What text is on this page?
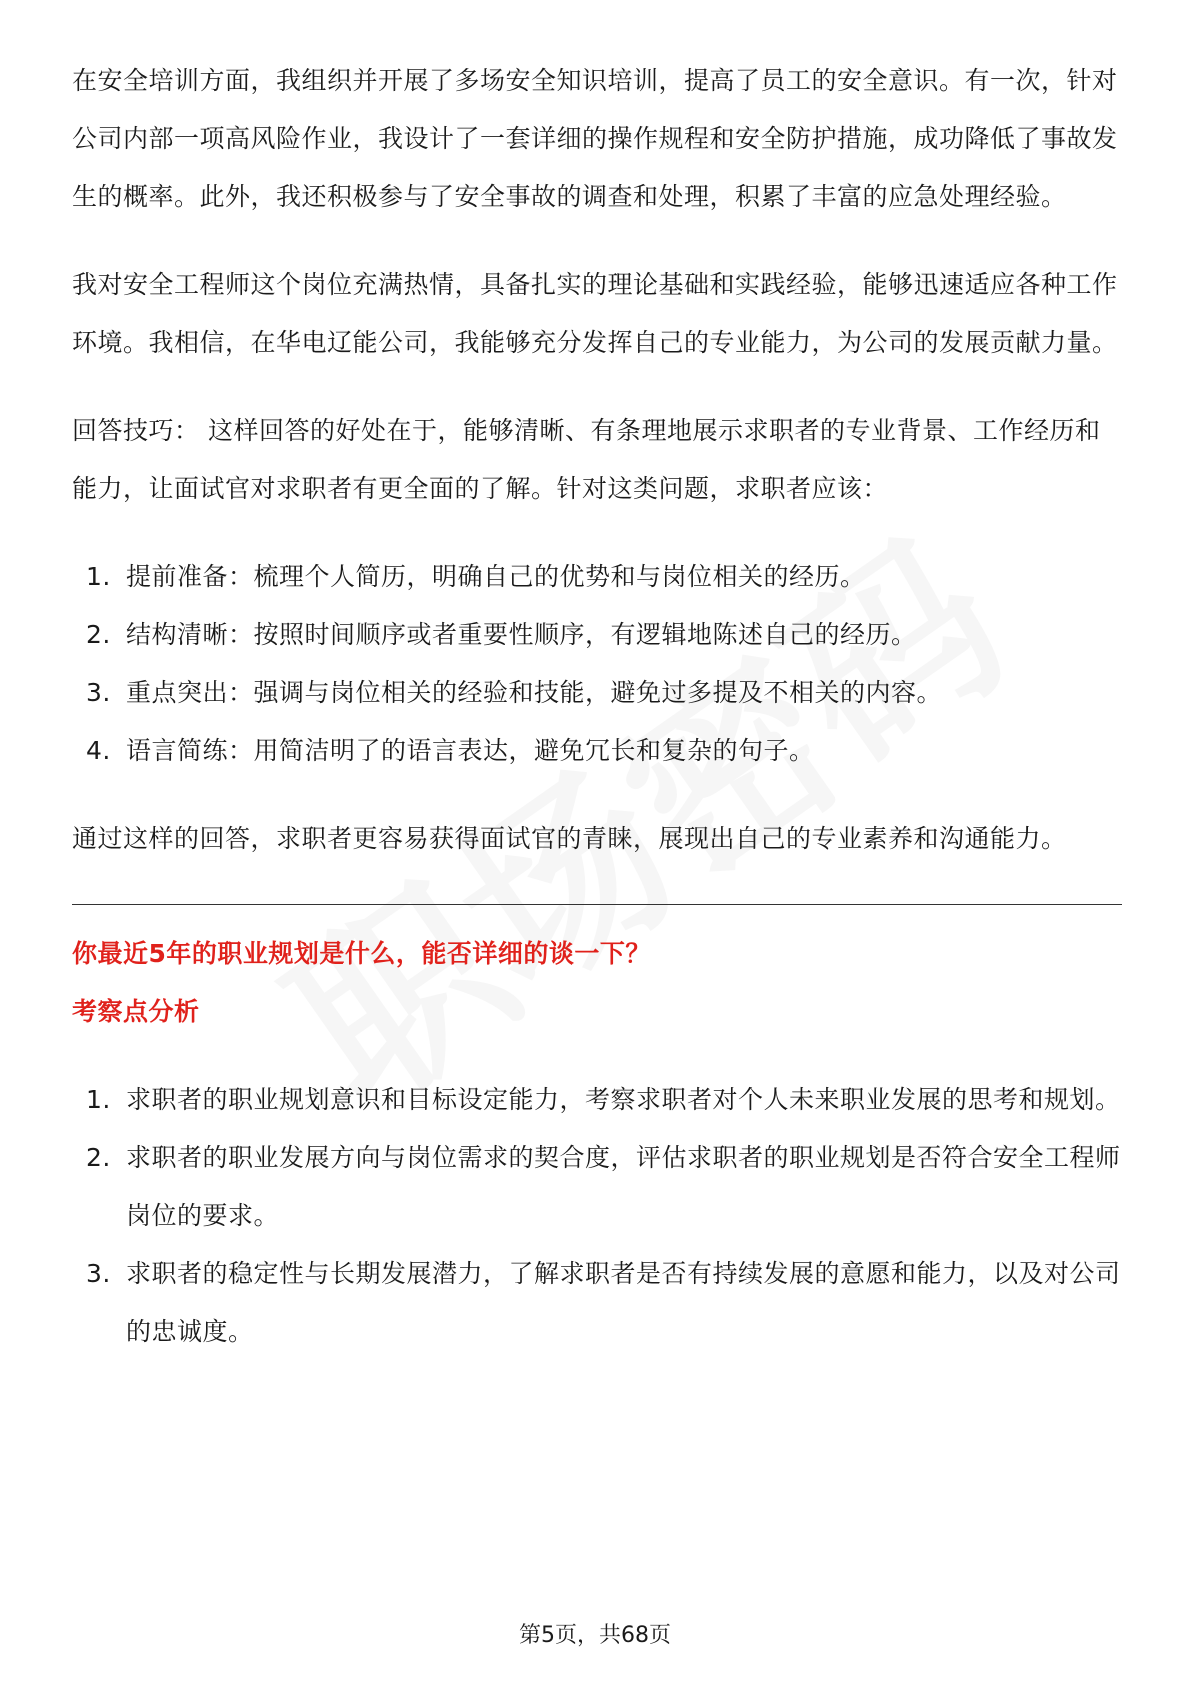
在安全培训方面，我组织并开展了多场安全知识培训，提高了员工的安全意识。有一次，针对公司内部一项高风险作业，我设计了一套详细的操作规程和安全防护措施，成功降低了事故发生的概率。此外，我还积极参与了安全事故的调查和处理，积累了丰富的应急处理经验。

我对安全工程师这个岗位充满热情，具备扎实的理论基础和实践经验，能够迅速适应各种工作环境。我相信，在华电辽能公司，我能够充分发挥自己的专业能力，为公司的发展贡献力量。

回答技巧： 这样回答的好处在于，能够清晰、有条理地展示求职者的专业背景、工作经历和能力，让面试官对求职者有更全面的了解。针对这类问题，求职者应该：

1. 提前准备：梳理个人简历，明确自己的优势和与岗位相关的经历。
2. 结构清晰：按照时间顺序或者重要性顺序，有逻辑地陈述自己的经历。
3. 重点突出：强调与岗位相关的经验和技能，避免过多提及不相关的内容。
4. 语言简练：用简洁明了的语言表达，避免冗长和复杂的句子。

通过这样的回答，求职者更容易获得面试官的青睐，展现出自己的专业素养和沟通能力。

你最近5年的职业规划是什么，能否详细的谈一下？

考察点分析

1. 求职者的职业规划意识和目标设定能力，考察求职者对个人未来职业发展的思考和规划。
2. 求职者的职业发展方向与岗位需求的契合度，评估求职者的职业规划是否符合安全工程师岗位的要求。
3. 求职者的稳定性与长期发展潜力，了解求职者是否有持续发展的意愿和能力，以及对公司的忠诚度。
第5页，共68页
